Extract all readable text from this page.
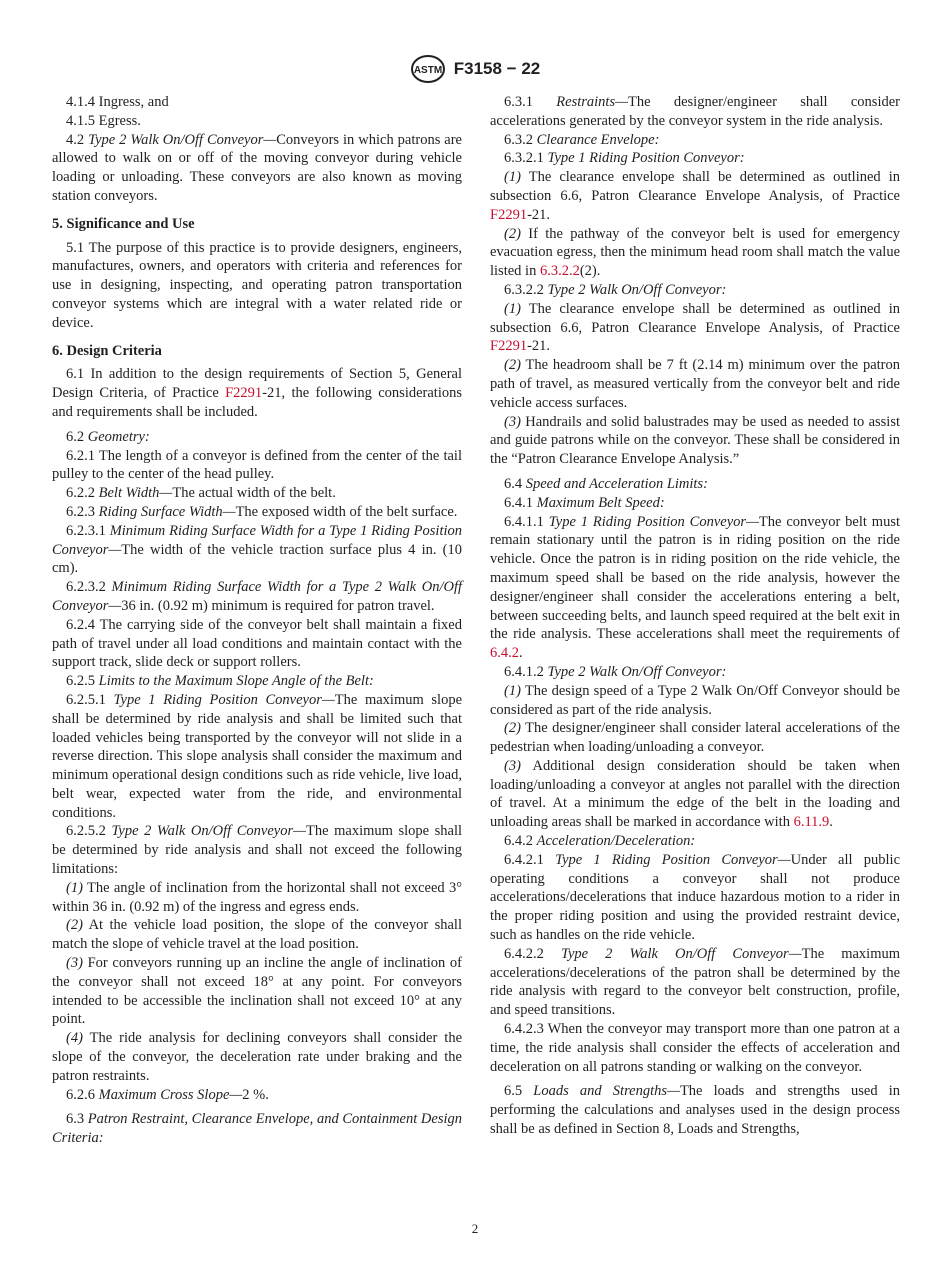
ASTM F3158 − 22

4.1.4 Ingress, and

4.1.5 Egress.

4.2 Type 2 Walk On/Off Conveyor—Conveyors in which patrons are allowed to walk on or off of the moving conveyor during vehicle loading or unloading. These conveyors are also known as moving station conveyors.

5. Significance and Use

5.1 The purpose of this practice is to provide designers, engineers, manufactures, owners, and operators with criteria and references for use in designing, inspecting, and operating patron transportation conveyor systems which are integral with a water related ride or device.

6. Design Criteria

6.1 In addition to the design requirements of Section 5, General Design Criteria, of Practice F2291-21, the following considerations and requirements shall be included.

6.2 Geometry:

6.2.1 The length of a conveyor is defined from the center of the tail pulley to the center of the head pulley.

6.2.2 Belt Width—The actual width of the belt.

6.2.3 Riding Surface Width—The exposed width of the belt surface.

6.2.3.1 Minimum Riding Surface Width for a Type 1 Riding Position Conveyor—The width of the vehicle traction surface plus 4 in. (10 cm).

6.2.3.2 Minimum Riding Surface Width for a Type 2 Walk On/Off Conveyor—36 in. (0.92 m) minimum is required for patron travel.

6.2.4 The carrying side of the conveyor belt shall maintain a fixed path of travel under all load conditions and maintain contact with the support track, slide deck or support rollers.

6.2.5 Limits to the Maximum Slope Angle of the Belt:

6.2.5.1 Type 1 Riding Position Conveyor—The maximum slope shall be determined by ride analysis and shall be limited such that loaded vehicles being transported by the conveyor will not slide in a reverse direction. This slope analysis shall consider the maximum and minimum operational design conditions such as ride vehicle, live load, belt wear, expected water from the ride, and environmental conditions.

6.2.5.2 Type 2 Walk On/Off Conveyor—The maximum slope shall be determined by ride analysis and shall not exceed the following limitations:

(1) The angle of inclination from the horizontal shall not exceed 3° within 36 in. (0.92 m) of the ingress and egress ends.

(2) At the vehicle load position, the slope of the conveyor shall match the slope of vehicle travel at the load position.

(3) For conveyors running up an incline the angle of inclination of the conveyor shall not exceed 18° at any point. For conveyors intended to be accessible the inclination shall not exceed 10° at any point.

(4) The ride analysis for declining conveyors shall consider the slope of the conveyor, the deceleration rate under braking and the patron restraints.

6.2.6 Maximum Cross Slope—2 %.

6.3 Patron Restraint, Clearance Envelope, and Containment Design Criteria:

6.3.1 Restraints—The designer/engineer shall consider accelerations generated by the conveyor system in the ride analysis.

6.3.2 Clearance Envelope:

6.3.2.1 Type 1 Riding Position Conveyor:

(1) The clearance envelope shall be determined as outlined in subsection 6.6, Patron Clearance Envelope Analysis, of Practice F2291-21.

(2) If the pathway of the conveyor belt is used for emergency evacuation egress, then the minimum head room shall match the value listed in 6.3.2.2(2).

6.3.2.2 Type 2 Walk On/Off Conveyor:

(1) The clearance envelope shall be determined as outlined in subsection 6.6, Patron Clearance Envelope Analysis, of Practice F2291-21.

(2) The headroom shall be 7 ft (2.14 m) minimum over the patron path of travel, as measured vertically from the conveyor belt and ride vehicle access surfaces.

(3) Handrails and solid balustrades may be used as needed to assist and guide patrons while on the conveyor. These shall be considered in the “Patron Clearance Envelope Analysis.”

6.4 Speed and Acceleration Limits:

6.4.1 Maximum Belt Speed:

6.4.1.1 Type 1 Riding Position Conveyor—The conveyor belt must remain stationary until the patron is in riding position on the ride vehicle. Once the patron is in riding position on the ride vehicle, the maximum speed shall be based on the ride analysis, however the designer/engineer shall consider the accelerations entering a belt, between succeeding belts, and launch speed required at the belt exit in the ride analysis. These accelerations shall meet the requirements of 6.4.2.

6.4.1.2 Type 2 Walk On/Off Conveyor:

(1) The design speed of a Type 2 Walk On/Off Conveyor should be considered as part of the ride analysis.

(2) The designer/engineer shall consider lateral accelerations of the pedestrian when loading/unloading a conveyor.

(3) Additional design consideration should be taken when loading/unloading a conveyor at angles not parallel with the direction of travel. At a minimum the edge of the belt in the loading and unloading areas shall be marked in accordance with 6.11.9.

6.4.2 Acceleration/Deceleration:

6.4.2.1 Type 1 Riding Position Conveyor—Under all public operating conditions a conveyor shall not produce accelerations/decelerations that induce hazardous motion to a rider in the proper riding position and using the provided restraint device, such as handles on the ride vehicle.

6.4.2.2 Type 2 Walk On/Off Conveyor—The maximum accelerations/decelerations of the patron shall be determined by the ride analysis with regard to the conveyor belt construction, profile, and speed transitions.

6.4.2.3 When the conveyor may transport more than one patron at a time, the ride analysis shall consider the effects of acceleration and deceleration on all patrons standing or walking on the conveyor.

6.5 Loads and Strengths—The loads and strengths used in performing the calculations and analyses used in the design process shall be as defined in Section 8, Loads and Strengths,

2
